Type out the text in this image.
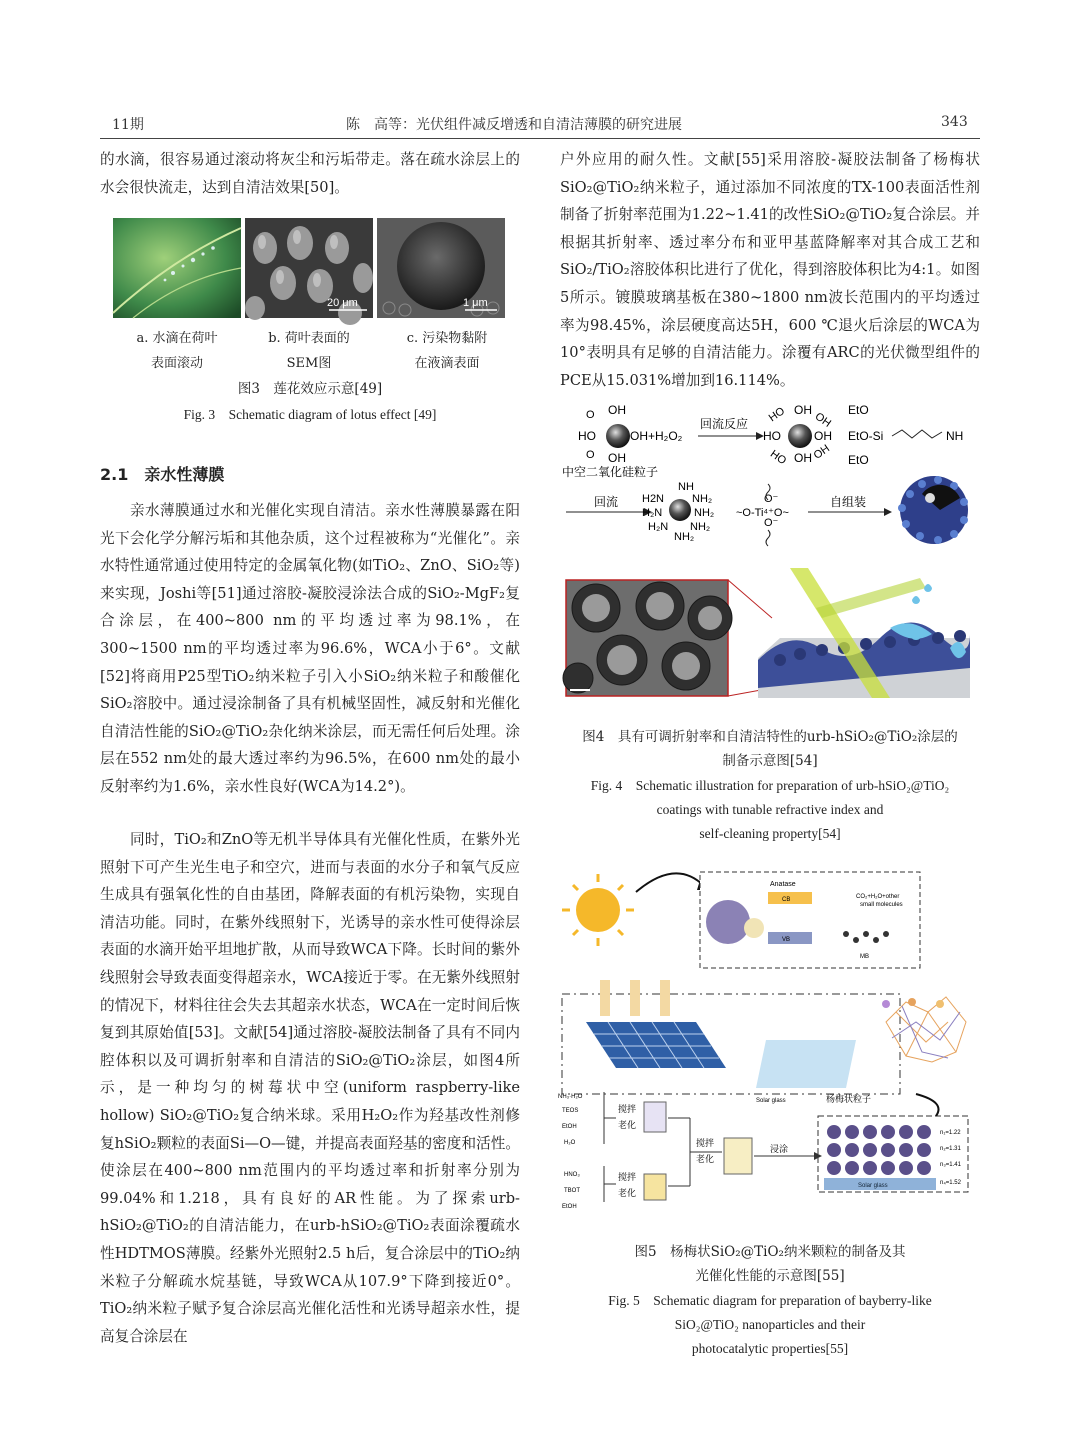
11期	陈　高等：光伏组件减反增透和自清洁薄膜的研究进展	343

的水滴，很容易通过滚动将灰尘和污垢带走。落在疏水涂层上的水会很快流走，达到自清洁效果[50]。

20 μm	1 μm
a. 水滴在荷叶
表面滚动
b. 荷叶表面的
SEM图
c. 污染物黏附
在液滴表面
图3　莲花效应示意[49]
Fig. 3　Schematic diagram of lotus effect [49]
2.1　亲水性薄膜

亲水薄膜通过水和光催化实现自清洁。亲水性薄膜暴露在阳光下会化学分解污垢和其他杂质，这个过程被称为“光催化”。亲水特性通常通过使用特定的金属氧化物(如TiO₂、ZnO、SiO₂等)来实现，Joshi等[51]通过溶胶-凝胶浸涂法合成的SiO₂-MgF₂复合涂层，在400~800 nm的平均透过率为98.1%，在300~1500 nm的平均透过率为96.6%，WCA小于6°。文献[52]将商用P25型TiO₂纳米粒子引入小SiO₂纳米粒子和酸催化SiO₂溶胶中。通过浸涂制备了具有机械坚固性，减反射和光催化自清洁性能的SiO₂@TiO₂杂化纳米涂层，而无需任何后处理。涂层在552 nm处的最大透过率约为96.5%，在600 nm处的最小反射率约为1.6%，亲水性良好(WCA为14.2°)。

同时，TiO₂和ZnO等无机半导体具有光催化性质，在紫外光照射下可产生光生电子和空穴，进而与表面的水分子和氧气反应生成具有强氧化性的自由基团，降解表面的有机污染物，实现自清洁功能。同时，在紫外线照射下，光诱导的亲水性可使得涂层表面的水滴开始平坦地扩散，从而导致WCA下降。长时间的紫外线照射会导致表面变得超亲水，WCA接近于零。在无紫外线照射的情况下，材料往往会失去其超亲水状态，WCA在一定时间后恢复到其原始值[53]。文献[54]通过溶胶-凝胶法制备了具有不同内腔体积以及可调折射率和自清洁的SiO₂@TiO₂涂层，如图4所示，是一种均匀的树莓状中空(uniform raspberry-like hollow) SiO₂@TiO₂复合纳米球。采用H₂O₂作为羟基改性剂修复hSiO₂颗粒的表面Si—O—键，并提高表面羟基的密度和活性。使涂层在400~800 nm范围内的平均透过率和折射率分别为99.04%和1.218，具有良好的AR性能。为了探索urb-hSiO₂@TiO₂的自清洁能力，在urb-hSiO₂@TiO₂表面涂覆疏水性HDTMOS薄膜。经紫外光照射2.5 h后，复合涂层中的TiO₂纳米粒子分解疏水烷基链，导致WCA从107.9°下降到接近0°。TiO₂纳米粒子赋予复合涂层高光催化活性和光诱导超亲水性，提高复合涂层在

户外应用的耐久性。文献[55]采用溶胶-凝胶法制备了杨梅状SiO₂@TiO₂纳米粒子，通过添加不同浓度的TX-100表面活性剂制备了折射率范围为1.22~1.41的改性SiO₂@TiO₂复合涂层。并根据其折射率、透过率分布和亚甲基蓝降解率对其合成工艺和SiO₂/TiO₂溶胶体积比进行了优化，得到溶胶体积比为4:1。如图5所示。镀膜玻璃基板在380~1800 nm波长范围内的平均透过率为98.45%，涂层硬度高达5H，600 ℃退火后涂层的WCA为10°表明具有足够的自清洁能力。涂覆有ARC的光伏微型组件的PCE从15.031%增加到16.114%。

HO
OH
OH
O
O
OH+H₂O₂
回流反应
HO	OH
OH
OH
HO OH
HO OH
EtO
EtO-Si
EtO
NH
中空二氧化硅粒子
回流 H2N
H₂N
H₂N
NH
NH₂
NH₂
NH₂
NH₂
~O-Ti⁴⁺O~
O⁻
O⁻
自组装
图4　具有可调折射率和自清洁特性的urb-hSiO₂@TiO₂涂层的
制备示意图[54]
Fig. 4　Schematic illustration for preparation of urb-hSiO₂@TiO₂
coatings with tunable refractive index and
self-cleaning property[54]
Anatase
CB
VB
CO₂+H₂O+other
small molecules
MB
Solar glass	杨梅状粒子
NH₃·H₂O
TEOS
EtOH
H₂O
搅拌
老化
HNO₃
TBOT
EtOH
搅拌
老化
搅拌
老化
浸涂
Solar glass
n₁=1.22
n₂=1.31
n₃=1.41
n₄=1.52
图5　杨梅状SiO₂@TiO₂纳米颗粒的制备及其
光催化性能的示意图[55]
Fig. 5　Schematic diagram for preparation of bayberry-like
SiO₂@TiO₂ nanoparticles and their
photocatalytic properties[55]
